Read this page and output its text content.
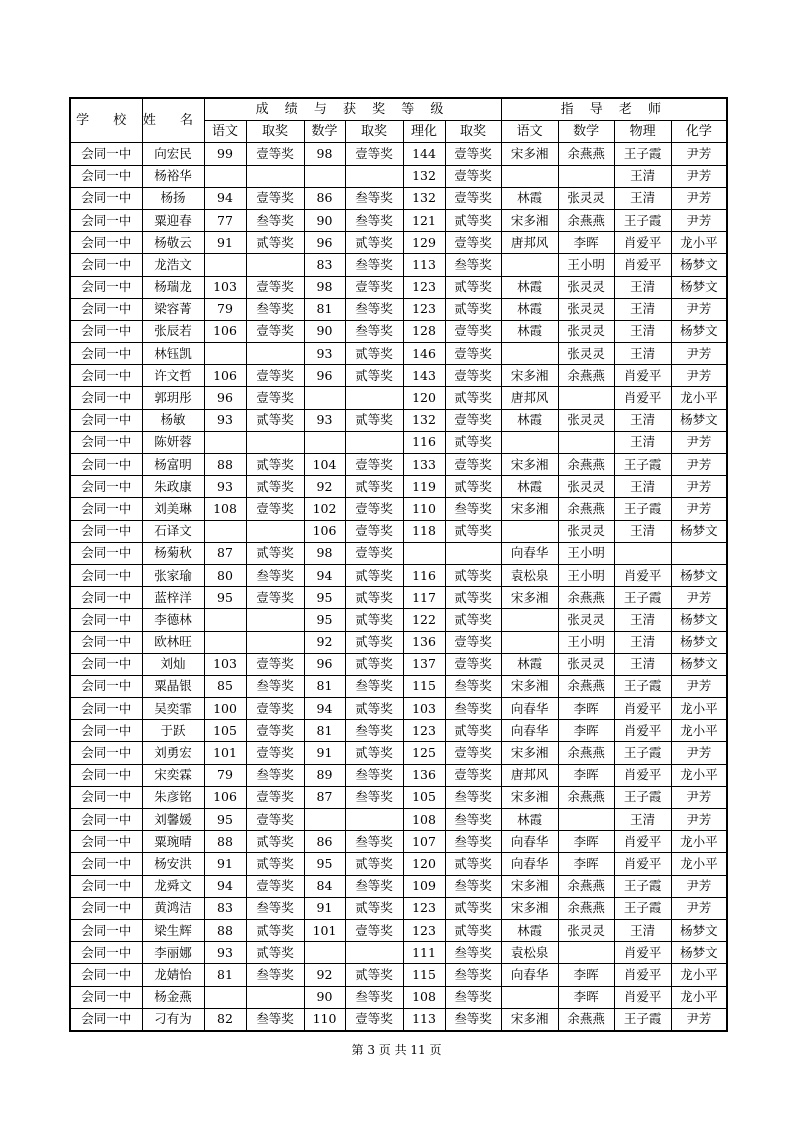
学 校	姓 名	成 绩 与 获 奖 等 级						指 导 老 师			
		语文	取奖	数学	取奖	理化	取奖	语文	数学	物理	化学
会同一中	向宏民	99	壹等奖	98	壹等奖	144	壹等奖	宋多湘	余燕燕	王子霞	尹芳
会同一中	杨裕华					132	壹等奖			王清	尹芳
会同一中	杨扬	94	壹等奖	86	叁等奖	132	壹等奖	林霞	张灵灵	王清	尹芳
会同一中	粟迎春	77	叁等奖	90	叁等奖	121	贰等奖	宋多湘	余燕燕	王子霞	尹芳
会同一中	杨敬云	91	贰等奖	96	贰等奖	129	壹等奖	唐邦风	李晖	肖爱平	龙小平
会同一中	龙浩文			83	叁等奖	113	叁等奖		王小明	肖爱平	杨梦文
会同一中	杨瑞龙	103	壹等奖	98	壹等奖	123	贰等奖	林霞	张灵灵	王清	杨梦文
会同一中	梁容菁	79	叁等奖	81	叁等奖	123	贰等奖	林霞	张灵灵	王清	尹芳
会同一中	张辰若	106	壹等奖	90	叁等奖	128	壹等奖	林霞	张灵灵	王清	杨梦文
会同一中	林钰凯			93	贰等奖	146	壹等奖		张灵灵	王清	尹芳
会同一中	许文哲	106	壹等奖	96	贰等奖	143	壹等奖	宋多湘	余燕燕	肖爱平	尹芳
会同一中	郭玥彤	96	壹等奖			120	贰等奖	唐邦风		肖爱平	龙小平
会同一中	杨敏	93	贰等奖	93	贰等奖	132	壹等奖	林霞	张灵灵	王清	杨梦文
会同一中	陈妍蓉					116	贰等奖			王清	尹芳
会同一中	杨富明	88	贰等奖	104	壹等奖	133	壹等奖	宋多湘	余燕燕	王子霞	尹芳
会同一中	朱政康	93	贰等奖	92	贰等奖	119	贰等奖	林霞	张灵灵	王清	尹芳
会同一中	刘美琳	108	壹等奖	102	壹等奖	110	叁等奖	宋多湘	余燕燕	王子霞	尹芳
会同一中	石译文			106	壹等奖	118	贰等奖		张灵灵	王清	杨梦文
会同一中	杨菊秋	87	贰等奖	98	壹等奖			向春华	王小明		
会同一中	张家瑜	80	叁等奖	94	贰等奖	116	贰等奖	袁松泉	王小明	肖爱平	杨梦文
会同一中	蓝梓洋	95	壹等奖	95	贰等奖	117	贰等奖	宋多湘	余燕燕	王子霞	尹芳
会同一中	李德林			95	贰等奖	122	贰等奖		张灵灵	王清	杨梦文
会同一中	欧林旺			92	贰等奖	136	壹等奖		王小明	王清	杨梦文
会同一中	刘灿	103	壹等奖	96	贰等奖	137	壹等奖	林霞	张灵灵	王清	杨梦文
会同一中	粟晶银	85	叁等奖	81	叁等奖	115	叁等奖	宋多湘	余燕燕	王子霞	尹芳
会同一中	吴奕霏	100	壹等奖	94	贰等奖	103	叁等奖	向春华	李晖	肖爱平	龙小平
会同一中	于跃	105	壹等奖	81	叁等奖	123	贰等奖	向春华	李晖	肖爱平	龙小平
会同一中	刘勇宏	101	壹等奖	91	贰等奖	125	壹等奖	宋多湘	余燕燕	王子霞	尹芳
会同一中	宋奕霖	79	叁等奖	89	叁等奖	136	壹等奖	唐邦风	李晖	肖爱平	龙小平
会同一中	朱彦铭	106	壹等奖	87	叁等奖	105	叁等奖	宋多湘	余燕燕	王子霞	尹芳
会同一中	刘馨媛	95	壹等奖			108	叁等奖	林霞		王清	尹芳
会同一中	粟琬晴	88	贰等奖	86	叁等奖	107	叁等奖	向春华	李晖	肖爱平	龙小平
会同一中	杨安洪	91	贰等奖	95	贰等奖	120	贰等奖	向春华	李晖	肖爱平	龙小平
会同一中	龙舜文	94	壹等奖	84	叁等奖	109	叁等奖	宋多湘	余燕燕	王子霞	尹芳
会同一中	黄鸿洁	83	叁等奖	91	贰等奖	123	贰等奖	宋多湘	余燕燕	王子霞	尹芳
会同一中	梁生辉	88	贰等奖	101	壹等奖	123	贰等奖	林霞	张灵灵	王清	杨梦文
会同一中	李丽娜	93	贰等奖			111	叁等奖	袁松泉		肖爱平	杨梦文
会同一中	龙婧怡	81	叁等奖	92	贰等奖	115	叁等奖	向春华	李晖	肖爱平	龙小平
会同一中	杨金燕			90	叁等奖	108	叁等奖		李晖	肖爱平	龙小平
会同一中	刁有为	82	叁等奖	110	壹等奖	113	叁等奖	宋多湘	余燕燕	王子霞	尹芳
第 3 页 共 11 页
